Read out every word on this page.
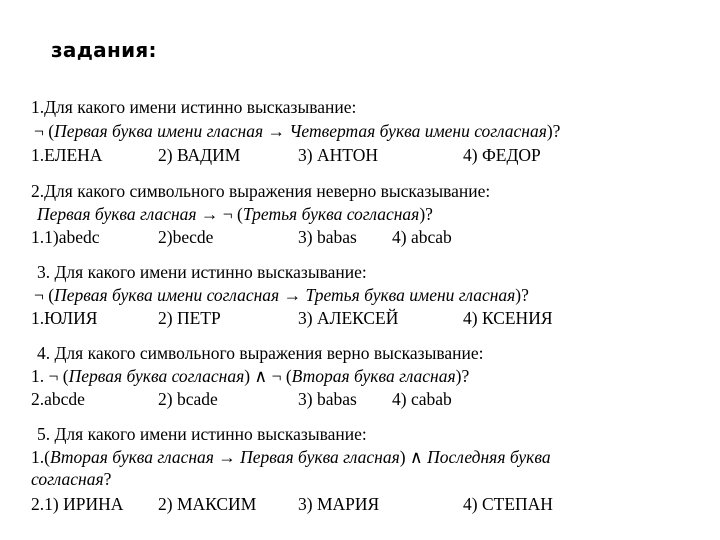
задания:
1.Для какого имени истинно высказывание:
¬ (Первая буква имени гласная → Четвертая буква имени согласная)?
1.ЕЛЕНА	2) ВАДИМ	3) АНТОН	4) ФЕДОР
2.Для какого символьного выражения неверно высказывание:
Первая буква гласная → ¬ (Третья буква согласная)?
1.1)abedc	2)becde	3) babas 4) abcab
3. Для какого имени истинно высказывание:
¬ (Первая буква имени согласная → Третья буква имени гласная)?
1.ЮЛИЯ	2) ПЕТР	3) АЛЕКСЕЙ	4) КСЕНИЯ
4. Для какого символьного выражения верно высказывание:
1. ¬ (Первая буква согласная) ∧ ¬ (Вторая буква гласная)?
2.abcde	2) bcade	3) babas 4) cabab
5. Для какого имени истинно высказывание:
1.(Вторая буква гласная → Первая буква гласная) ∧ Последняя буква
согласная?
2.1) ИРИНА 2) МАКСИМ 3) МАРИЯ	4) СТЕПАН
